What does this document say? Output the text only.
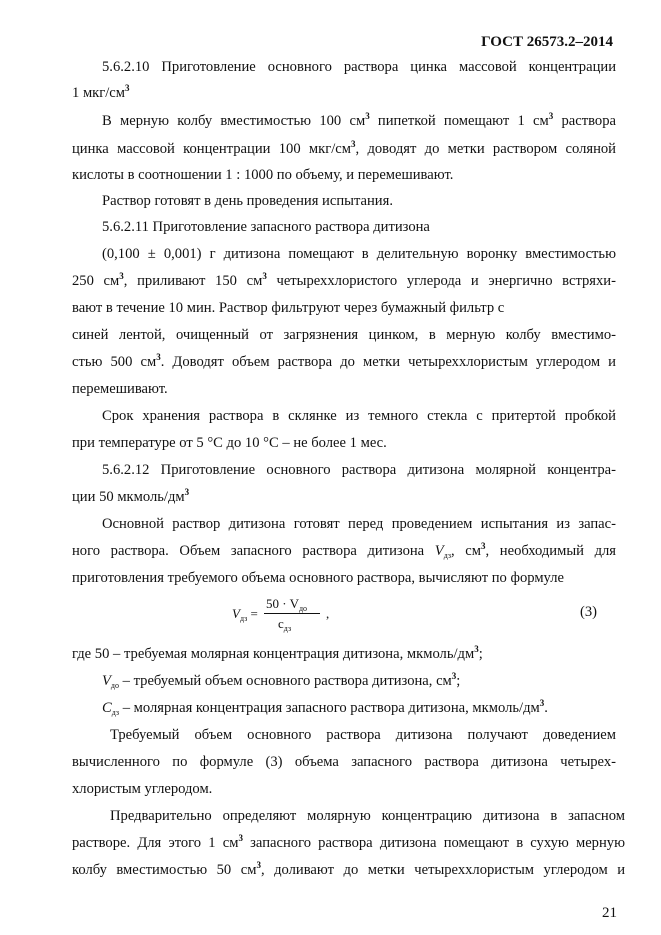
ГОСТ 26573.2–2014
5.6.2.10 Приготовление основного раствора цинка массовой концентрации
1 мкг/$см^3$
В мерную колбу вместимостью 100 $см^3$ пипеткой помещают 1 $см^3$ раствора
цинка массовой концентрации 100 мкг/$см^3$, доводят до метки раствором соляной
кислоты в соотношении 1 : 1000 по объему, и перемешивают.
Раствор готовят в день проведения испытания.
5.6.2.11 Приготовление запасного раствора дитизона
(0,100 ± 0,001) г дитизона помещают в делительную воронку вместимостью
250 $см^3$, приливают 150 $см^3$ четыреххлористого углерода и энергично встряхи-
вают в течение 10 мин. Раствор фильтруют через бумажный фильтр с
синей лентой, очищенный от загрязнения цинком, в мерную колбу вместимо-
стью 500 $см^3$. Доводят объем раствора до метки четыреххлористым углеродом и
перемешивают.
Срок хранения раствора в склянке из темного стекла с притертой пробкой
при температуре от 5 °С до 10 °С – не более 1 мес.
5.6.2.12 Приготовление основного раствора дитизона молярной концентра-
ции 50 мкмоль/$дм^3$
Основной раствор дитизона готовят перед проведением испытания из запас-
ного раствора. Объем запасного раствора дитизона $V_{дз}$, $см^3$, необходимый для
приготовления требуемого объема основного раствора, вычисляют по формуле
$V_{дз}$ =
$50 \cdot V_{до}$
$c_{дз}$
,	(3)
где 50 – требуемая молярная концентрация дитизона, мкмоль/$дм^3$;
$V_{до}$ – требуемый объем основного раствора дитизона, $см^3$;
$C_{дз}$ – молярная концентрация запасного раствора дитизона, мкмоль/$дм^3$.
Требуемый объем основного раствора дитизона получают доведением
вычисленного по формуле (3) объема запасного раствора дитизона четырех-
хлористым углеродом.
Предварительно определяют молярную концентрацию дитизона в запасном
растворе. Для этого 1 $см^3$ запасного раствора дитизона помещают в сухую мерную
колбу вместимостью 50 $см^3$, доливают до метки четыреххлористым углеродом и
21
